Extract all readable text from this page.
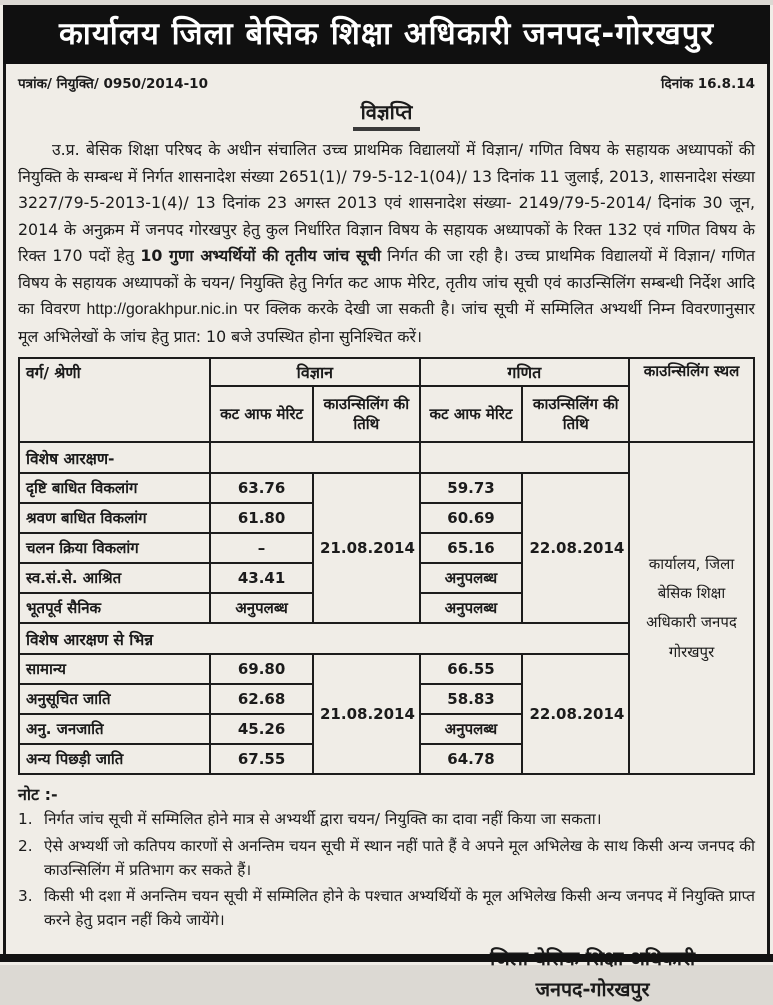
कार्यालय जिला बेसिक शिक्षा अधिकारी जनपद-गोरखपुर
पत्रांक/ नियुक्ति/ 0950/2014-10	दिनांक 16.8.14
विज्ञप्ति

उ.प्र. बेसिक शिक्षा परिषद के अधीन संचालित उच्च प्राथमिक विद्यालयों में विज्ञान/ गणित विषय के सहायक अध्यापकों की नियुक्ति के सम्बन्ध में निर्गत शासनादेश संख्या 2651(1)/ 79-5-12-1(04)/ 13 दिनांक 11 जुलाई, 2013, शासनादेश संख्या 3227/79-5-2013-1(4)/ 13 दिनांक 23 अगस्त 2013 एवं शासनादेश संख्या- 2149/79-5-2014/ दिनांक 30 जून, 2014 के अनुक्रम में जनपद गोरखपुर हेतु कुल निर्धारित विज्ञान विषय के सहायक अध्यापकों के रिक्त 132 एवं गणित विषय के रिक्त 170 पदों हेतु 10 गुणा अभ्यर्थियों की तृतीय जांच सूची निर्गत की जा रही है। उच्च प्राथमिक विद्यालयों में विज्ञान/ गणित विषय के सहायक अध्यापकों के चयन/ नियुक्ति हेतु निर्गत कट आफ मेरिट, तृतीय जांच सूची एवं काउन्सिलिंग सम्बन्धी निर्देश आदि का विवरण http://gorakhpur.nic.in पर क्लिक करके देखी जा सकती है। जांच सूची में सम्मिलित अभ्यर्थी निम्न विवरणानुसार मूल अभिलेखों के जांच हेतु प्रात: 10 बजे उपस्थित होना सुनिश्चित करें।

वर्ग/ श्रेणी	विज्ञान		गणित		काउन्सिलिंग स्थल
	कट आफ मेरिट	काउन्सिलिंग की तिथि	कट आफ मेरिट	काउन्सिलिंग की तिथि	
विशेष आरक्षण-					कार्यालय, जिला बेसिक शिक्षा अधिकारी जनपद गोरखपुर
दृष्टि बाधित विकलांग	63.76	21.08.2014	59.73	22.08.2014	
श्रवण बाधित विकलांग	61.80		60.69		
चलन क्रिया विकलांग	–		65.16		
स्व.सं.से. आश्रित	43.41		अनुपलब्ध		
भूतपूर्व सैनिक	अनुपलब्ध		अनुपलब्ध		
विशेष आरक्षण से भिन्न					
सामान्य	69.80	21.08.2014	66.55	22.08.2014	
अनुसूचित जाति	62.68		58.83		
अनु. जनजाति	45.26		अनुपलब्ध		
अन्य पिछड़ी जाति	67.55		64.78		
नोट :-
1. निर्गत जांच सूची में सम्मिलित होने मात्र से अभ्यर्थी द्वारा चयन/ नियुक्ति का दावा नहीं किया जा सकता।
2. ऐसे अभ्यर्थी जो कतिपय कारणों से अनन्तिम चयन सूची में स्थान नहीं पाते हैं वे अपने मूल अभिलेख के साथ किसी अन्य जनपद की काउन्सिलिंग में प्रतिभाग कर सकते हैं।
3. किसी भी दशा में अनन्तिम चयन सूची में सम्मिलित होने के पश्चात अभ्यर्थियों के मूल अभिलेख किसी अन्य जनपद में नियुक्ति प्राप्त करने हेतु प्रदान नहीं किये जायेंगे।
जनपद-गोरखपुर
